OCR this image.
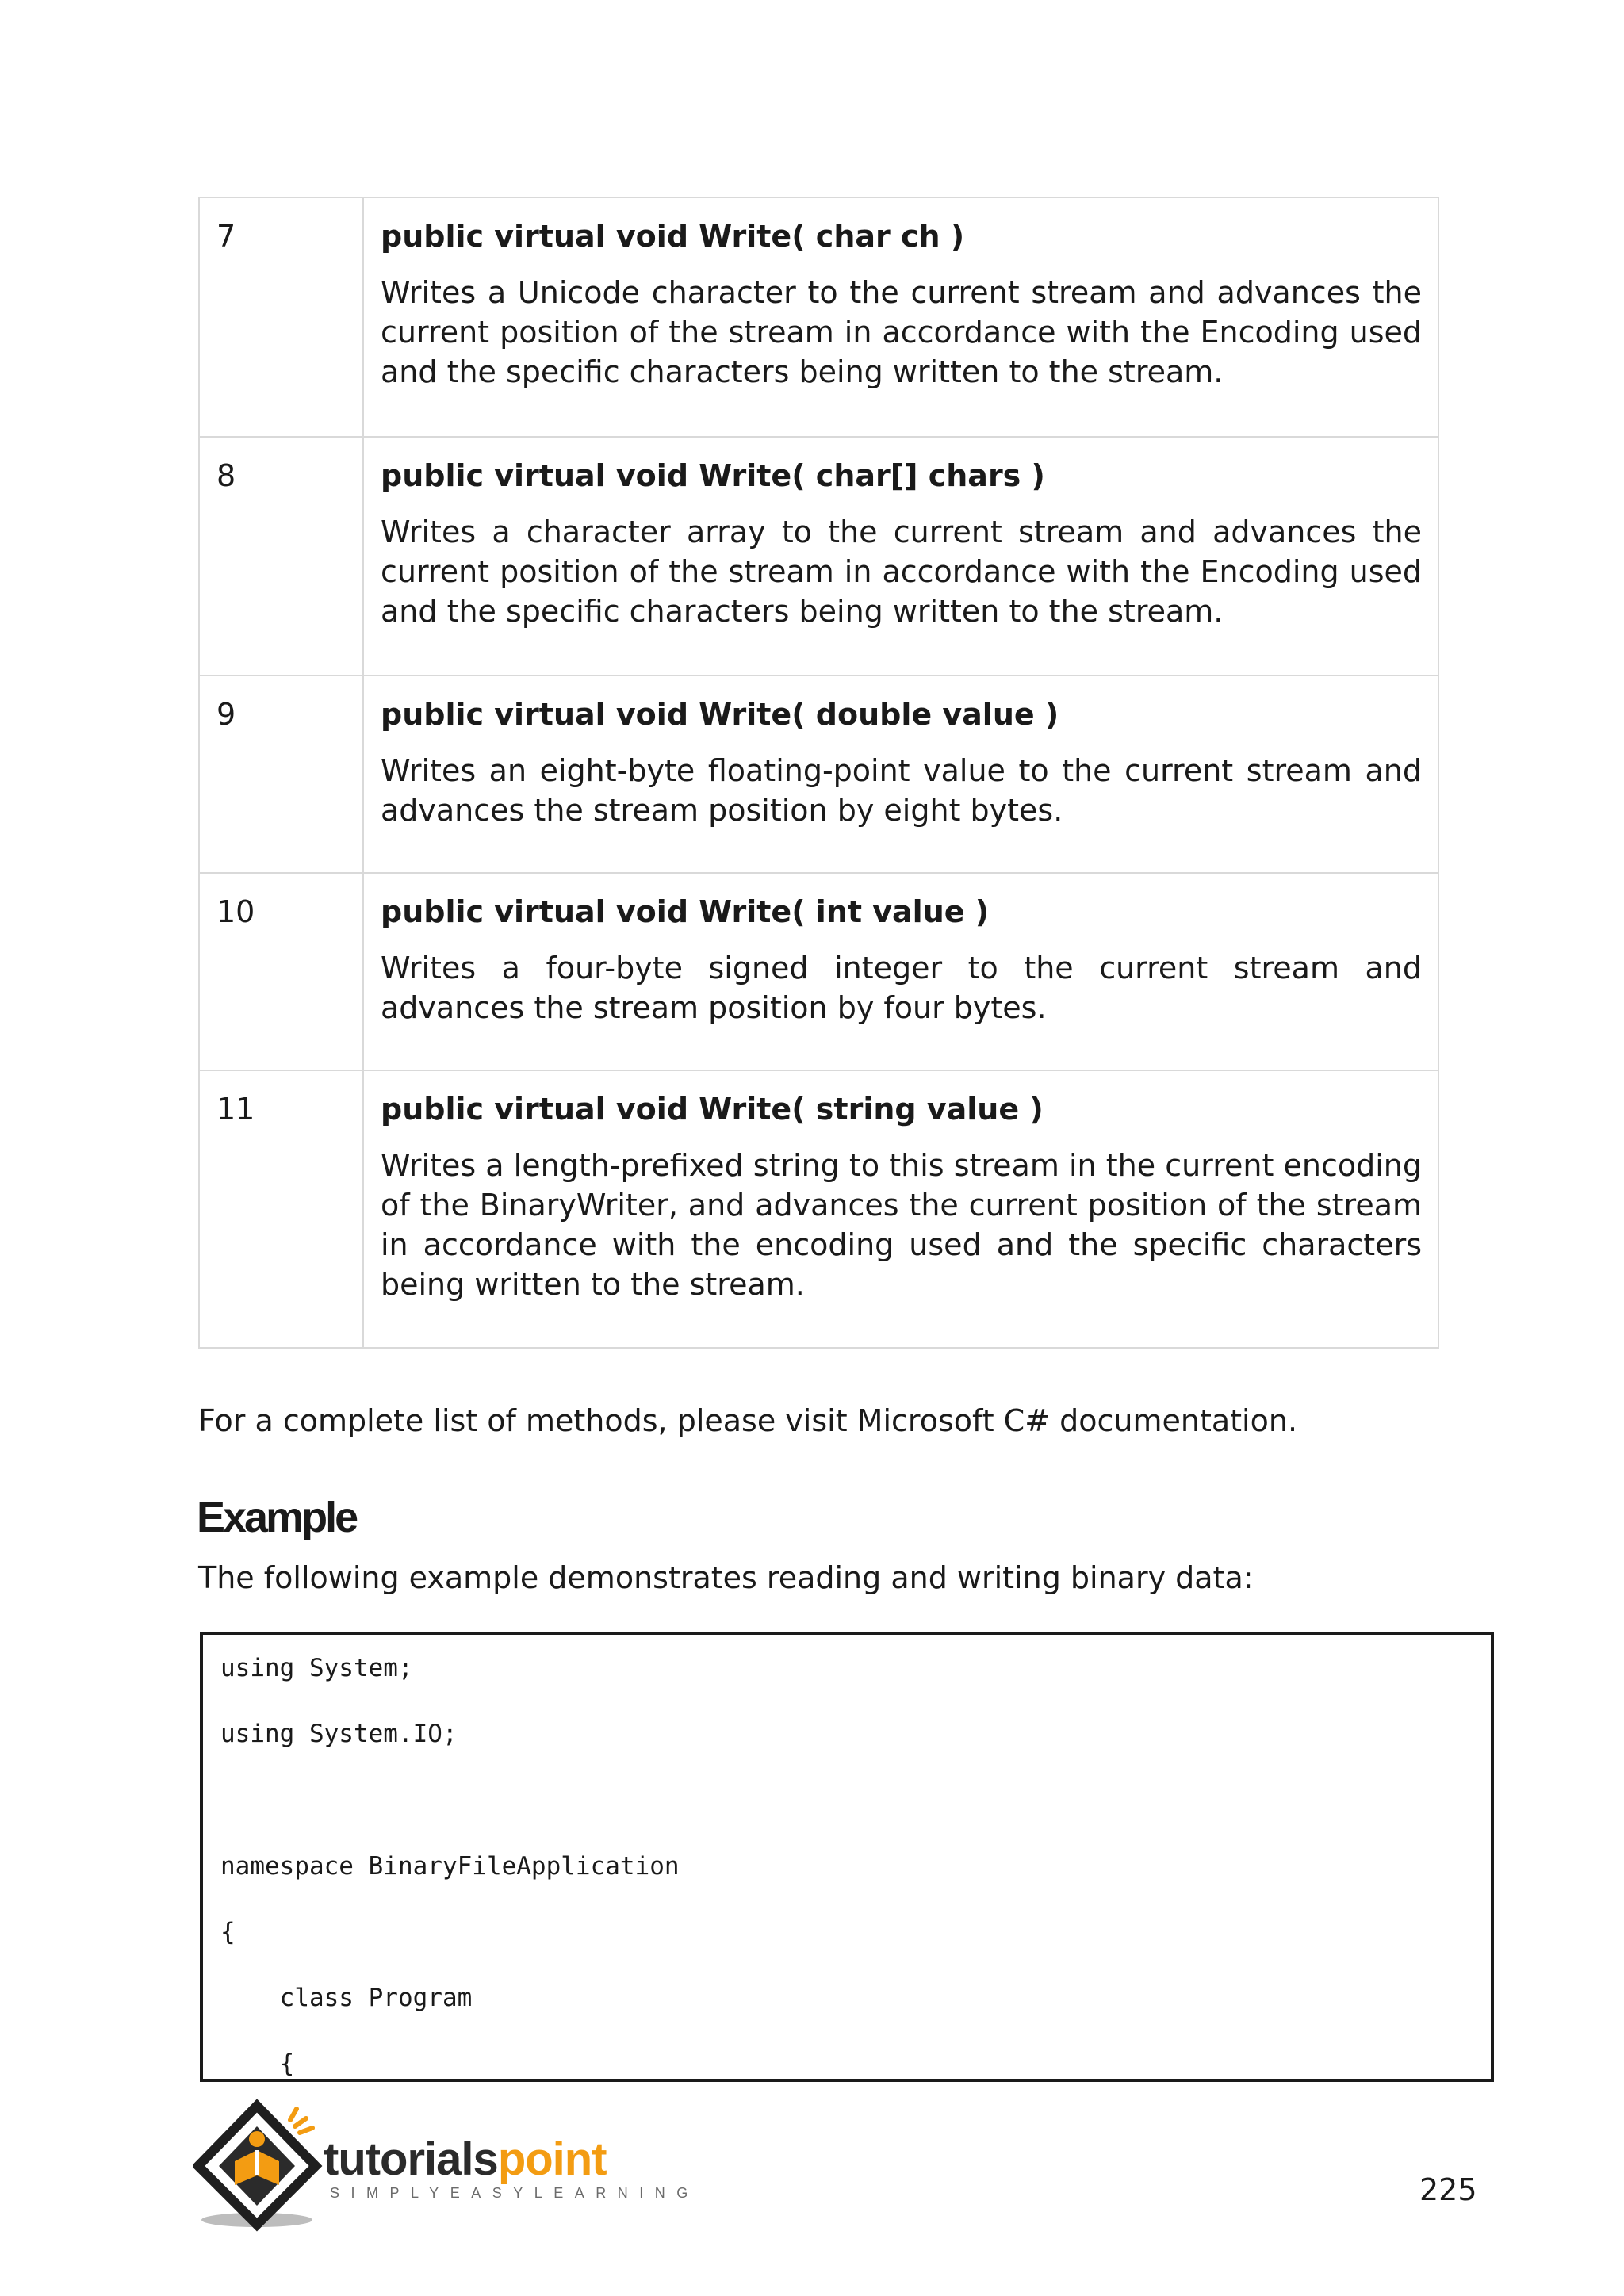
7	public virtual void Write( char ch )

Writes a Unicode character to the current stream and advances the current position of the stream in accordance with the Encoding used and the specific characters being written to the stream.

8	public virtual void Write( char[] chars )

Writes a character array to the current stream and advances the current position of the stream in accordance with the Encoding used and the specific characters being written to the stream.

9	public virtual void Write( double value )

Writes an eight-byte floating-point value to the current stream and advances the stream position by eight bytes.

10	public virtual void Write( int value )

Writes a four-byte signed integer to the current stream and advances the stream position by four bytes.

11	public virtual void Write( string value )

Writes a length-prefixed string to this stream in the current encoding of the BinaryWriter, and advances the current position of the stream in accordance with the encoding used and the specific characters being written to the stream.

For a complete list of methods, please visit Microsoft C# documentation.
Example
The following example demonstrates reading and writing binary data:
using System;
using System.IO;
namespace BinaryFileApplication
{
class Program
{
tutorialspoint
SIMPLYEASYLEARNING	225
